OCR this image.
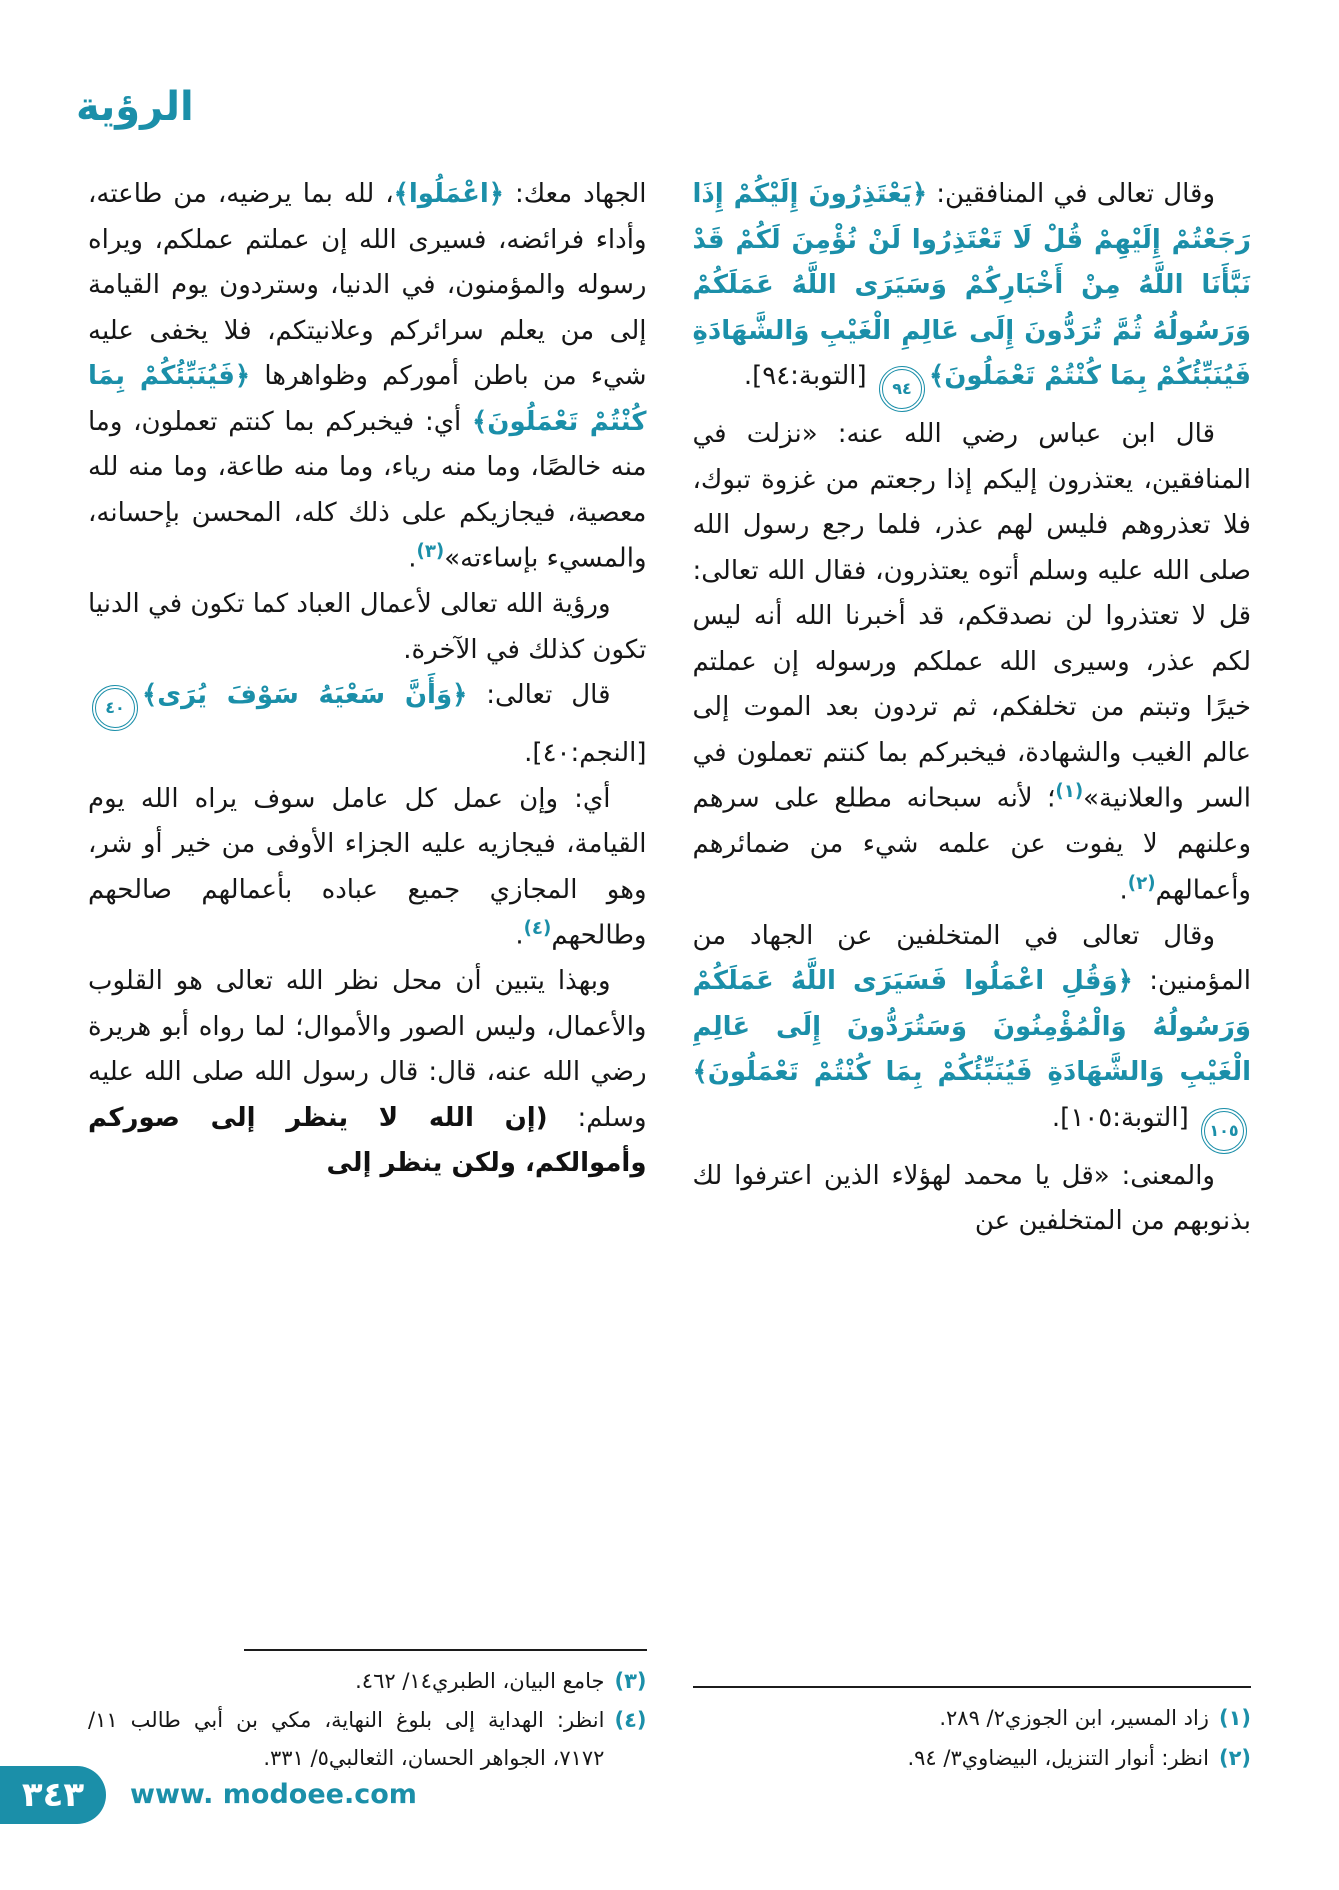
الرؤية

وقال تعالى في المنافقين: ﴿يَعْتَذِرُونَ إِلَيْكُمْ إِذَا رَجَعْتُمْ إِلَيْهِمْ قُلْ لَا تَعْتَذِرُوا لَنْ نُؤْمِنَ لَكُمْ قَدْ نَبَّأَنَا اللَّهُ مِنْ أَخْبَارِكُمْ وَسَيَرَى اللَّهُ عَمَلَكُمْ وَرَسُولُهُ ثُمَّ تُرَدُّونَ إِلَى عَالِمِ الْغَيْبِ وَالشَّهَادَةِ فَيُنَبِّئُكُمْ بِمَا كُنْتُمْ تَعْمَلُونَ﴾٩٤ [التوبة:٩٤].

قال ابن عباس رضي الله عنه: «نزلت في المنافقين، يعتذرون إليكم إذا رجعتم من غزوة تبوك، فلا تعذروهم فليس لهم عذر، فلما رجع رسول الله صلى الله عليه وسلم أتوه يعتذرون، فقال الله تعالى: قل لا تعتذروا لن نصدقكم، قد أخبرنا الله أنه ليس لكم عذر، وسيرى الله عملكم ورسوله إن عملتم خيرًا وتبتم من تخلفكم، ثم تردون بعد الموت إلى عالم الغيب والشهادة، فيخبركم بما كنتم تعملون في السر والعلانية»$^{(١)}$؛ لأنه سبحانه مطلع على سرهم وعلنهم لا يفوت عن علمه شيء من ضمائرهم وأعمالهم$^{(٢)}$.

وقال تعالى في المتخلفين عن الجهاد من المؤمنين: ﴿وَقُلِ اعْمَلُوا فَسَيَرَى اللَّهُ عَمَلَكُمْ وَرَسُولُهُ وَالْمُؤْمِنُونَ وَسَتُرَدُّونَ إِلَى عَالِمِ الْغَيْبِ وَالشَّهَادَةِ فَيُنَبِّئُكُمْ بِمَا كُنْتُمْ تَعْمَلُونَ﴾١٠٥ [التوبة:١٠٥].

والمعنى: «قل يا محمد لهؤلاء الذين اعترفوا لك بذنوبهم من المتخلفين عن

(١)
زاد المسير، ابن الجوزي٢/ ٢٨٩.
(٢)
انظر: أنوار التنزيل، البيضاوي٣/ ٩٤.

الجهاد معك: ﴿اعْمَلُوا﴾، لله بما يرضيه، من طاعته، وأداء فرائضه، فسيرى الله إن عملتم عملكم، ويراه رسوله والمؤمنون، في الدنيا، وستردون يوم القيامة إلى من يعلم سرائركم وعلانيتكم، فلا يخفى عليه شيء من باطن أموركم وظواهرها ﴿فَيُنَبِّئُكُمْ بِمَا كُنْتُمْ تَعْمَلُونَ﴾ أي: فيخبركم بما كنتم تعملون، وما منه خالصًا، وما منه رياء، وما منه طاعة، وما منه لله معصية، فيجازيكم على ذلك كله، المحسن بإحسانه، والمسيء بإساءته»$^{(٣)}$.

ورؤية الله تعالى لأعمال العباد كما تكون في الدنيا تكون كذلك في الآخرة.

قال تعالى: ﴿وَأَنَّ سَعْيَهُ سَوْفَ يُرَى﴾٤٠ [النجم:٤٠].

أي: وإن عمل كل عامل سوف يراه الله يوم القيامة، فيجازيه عليه الجزاء الأوفى من خير أو شر، وهو المجازي جميع عباده بأعمالهم صالحهم وطالحهم$^{(٤)}$.

وبهذا يتبين أن محل نظر الله تعالى هو القلوب والأعمال، وليس الصور والأموال؛ لما رواه أبو هريرة رضي الله عنه، قال: قال رسول الله صلى الله عليه وسلم: (إن الله لا ينظر إلى صوركم وأموالكم، ولكن ينظر إلى

(٣)
جامع البيان، الطبري١٤/ ٤٦٢.
(٤)
انظر: الهداية إلى بلوغ النهاية، مكي بن أبي طالب ١١/ ٧١٧٢، الجواهر الحسان، الثعالبي٥/ ٣٣١.
٣٤٣ www. modoee.com
